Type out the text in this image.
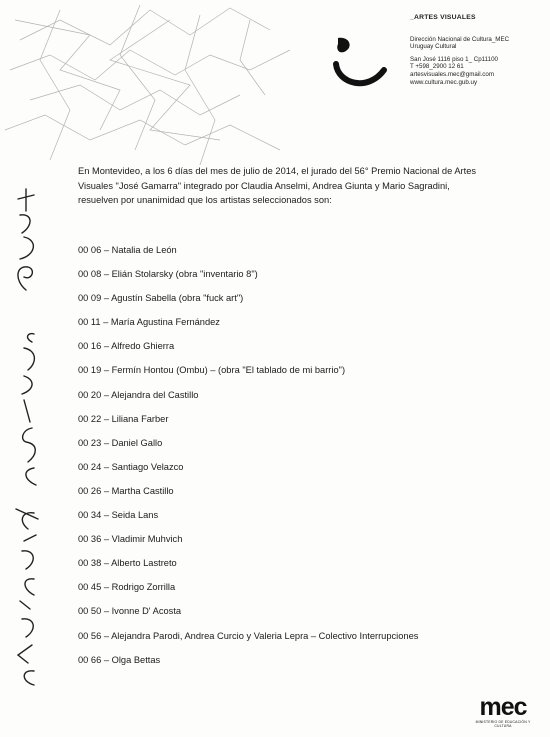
_ARTES VISUALES
Dirección Nacional de Cultura_MEC
Uruguay Cultural
San José 1116 piso 1_ Cp11100
T +598_2900 12 61
artesvisuales.mec@gmail.com
www.cultura.mec.gub.uy
En Montevideo, a los 6 días del mes de julio de 2014, el jurado del 56° Premio Nacional de Artes Visuales "José Gamarra" integrado por Claudia Anselmi, Andrea Giunta y Mario Sagradini, resuelven por unanimidad que los artistas seleccionados son:
00 06 – Natalia de León
00 08 – Elián Stolarsky (obra "inventario 8")
00 09 – Agustín Sabella (obra "fuck art")
00 11 – María Agustina Fernández
00 16 – Alfredo Ghierra
00 19 – Fermín Hontou (Ombu) – (obra "El tablado de mi barrio")
00 20 – Alejandra del Castillo
00 22 – Liliana Farber
00 23 – Daniel Gallo
00 24 – Santiago Velazco
00 26 – Martha Castillo
00 34 – Seida Lans
00 36 – Vladimir Muhvich
00 38 – Alberto Lastreto
00 45 – Rodrigo Zorrilla
00 50 – Ivonne D' Acosta
00 56 – Alejandra Parodi, Andrea Curcio y Valeria Lepra – Colectivo Interrupciones
00 66 – Olga Bettas
mec
MINISTERIO DE EDUCACIÓN Y CULTURA
